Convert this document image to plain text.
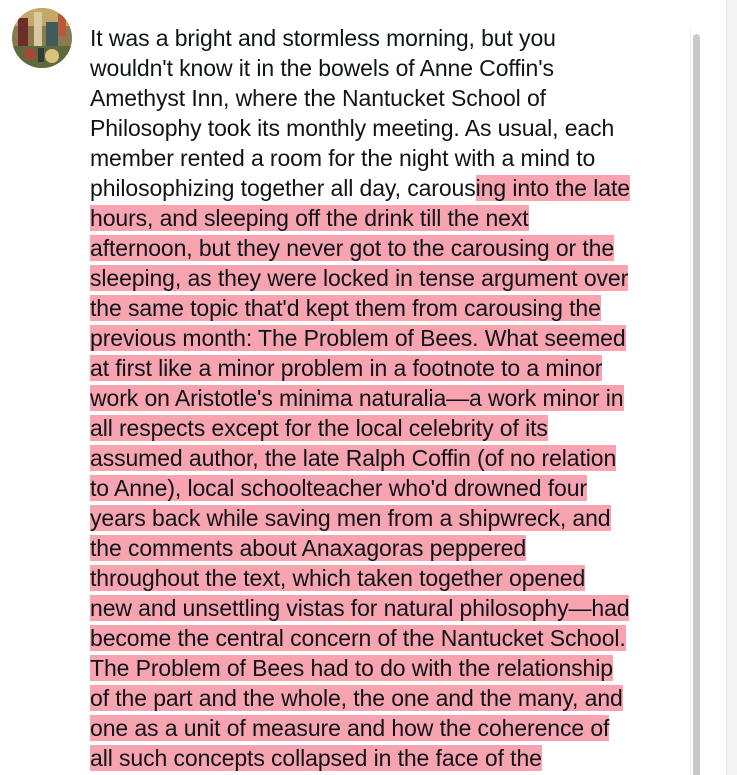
It was a bright and stormless morning, but you
wouldn't know it in the bowels of Anne Coffin's
Amethyst Inn, where the Nantucket School of
Philosophy took its monthly meeting. As usual, each
member rented a room for the night with a mind to
philosophizing together all day, carousing into the late
hours, and sleeping off the drink till the next
afternoon, but they never got to the carousing or the
sleeping, as they were locked in tense argument over
the same topic that'd kept them from carousing the
previous month: The Problem of Bees. What seemed
at first like a minor problem in a footnote to a minor
work on Aristotle's minima naturalia—a work minor in
all respects except for the local celebrity of its
assumed author, the late Ralph Coffin (of no relation
to Anne), local schoolteacher who'd drowned four
years back while saving men from a shipwreck, and
the comments about Anaxagoras peppered
throughout the text, which taken together opened
new and unsettling vistas for natural philosophy—had
become the central concern of the Nantucket School.
The Problem of Bees had to do with the relationship
of the part and the whole, the one and the many, and
one as a unit of measure and how the coherence of
all such concepts collapsed in the face of the
